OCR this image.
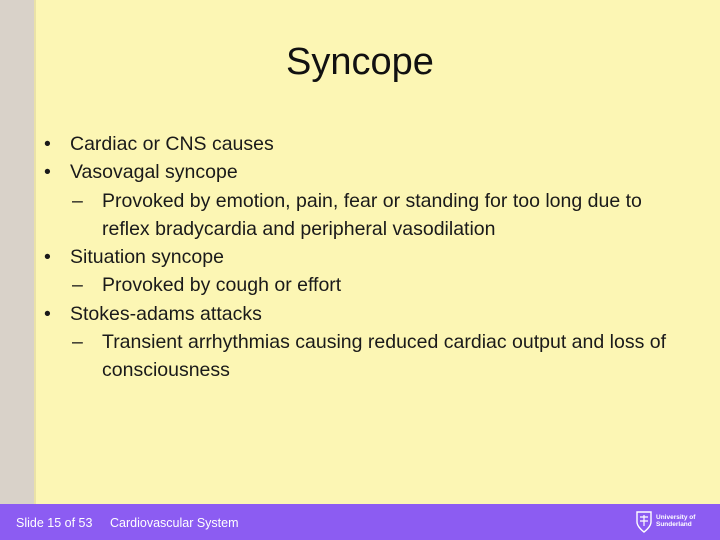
Syncope
• Cardiac or CNS causes
• Vasovagal syncope
– Provoked by emotion, pain, fear or standing for too long due to reflex bradycardia and peripheral vasodilation
• Situation syncope
– Provoked by cough or effort
• Stokes-adams attacks
– Transient arrhythmias causing reduced cardiac output and loss of consciousness
Slide 15 of 53 Cardiovascular System	University of
Sunderland
